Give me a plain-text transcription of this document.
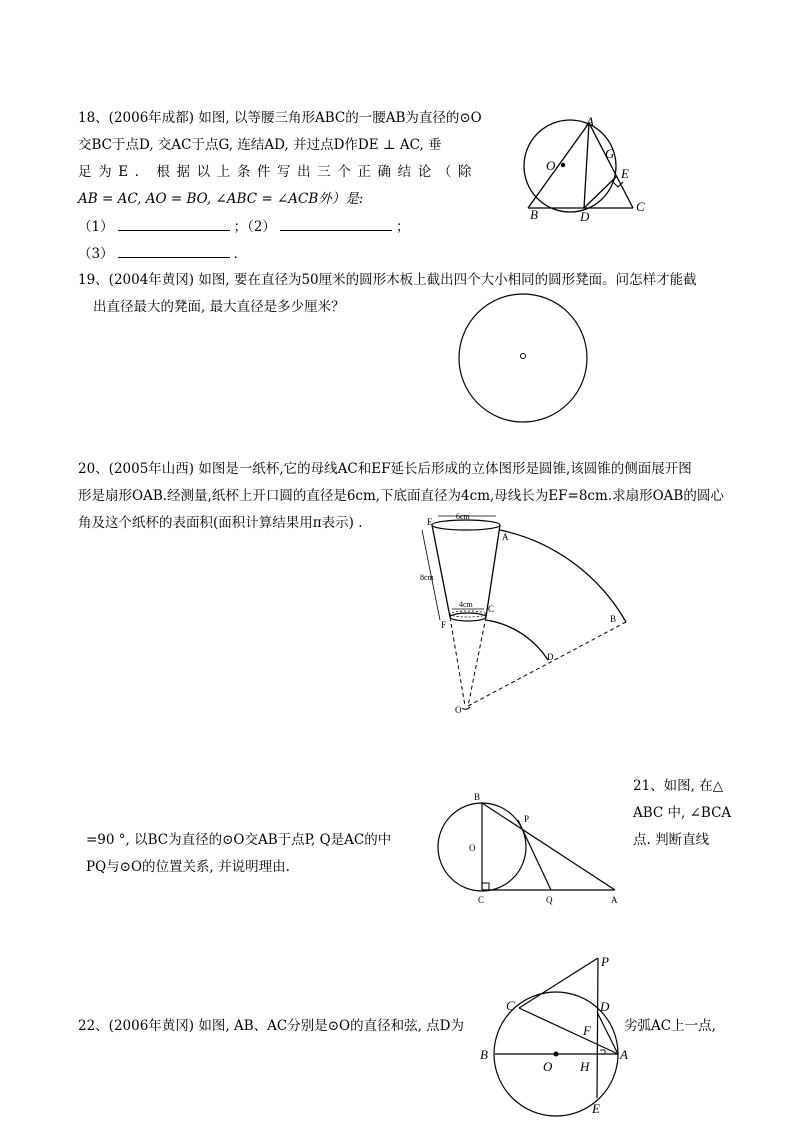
18、(2006年成都) 如图, 以等腰三角形ABC的一腰AB为直径的⊙O
交BC于点D, 交AC于点G, 连结AD, 并过点D作DE ⊥ AC, 垂
足为E. 根据以上条件写出三个正确结论（除
AB = AC, AO = BO, ∠ABC = ∠ACB外）是:
（1）	；（2）	；
（3）	．
A
G
E
O
B	D
C
19、(2004年黄冈) 如图, 要在直径为50厘米的圆形木板上截出四个大小相同的圆形凳面。问怎样才能截
出直径最大的凳面, 最大直径是多少厘米？
20、(2005年山西) 如图是一纸杯,它的母线AC和EF延长后形成的立体图形是圆锥,该圆锥的侧面展开图
形是扇形OAB.经测量,纸杯上开口圆的直径是6cm,下底面直径为4cm,母线长为EF=8cm.求扇形OAB的圆心
角及这个纸杯的表面积(面积计算结果用π表示) .	E
6cm
A
8cm
4cm C
F
B
D
O
21、如图, 在△
ABC 中, ∠BCA
=90 °, 以BC为直径的⊙O交AB于点P, Q是AC的中	点. 判断直线
PQ与⊙O的位置关系, 并说明理由.
B
P
O
C	Q	A
22、(2006年黄冈) 如图, AB、AC分别是⊙O的直径和弦, 点D为	劣弧AC上一点,
P
C	D
F
B
O H
A
E
